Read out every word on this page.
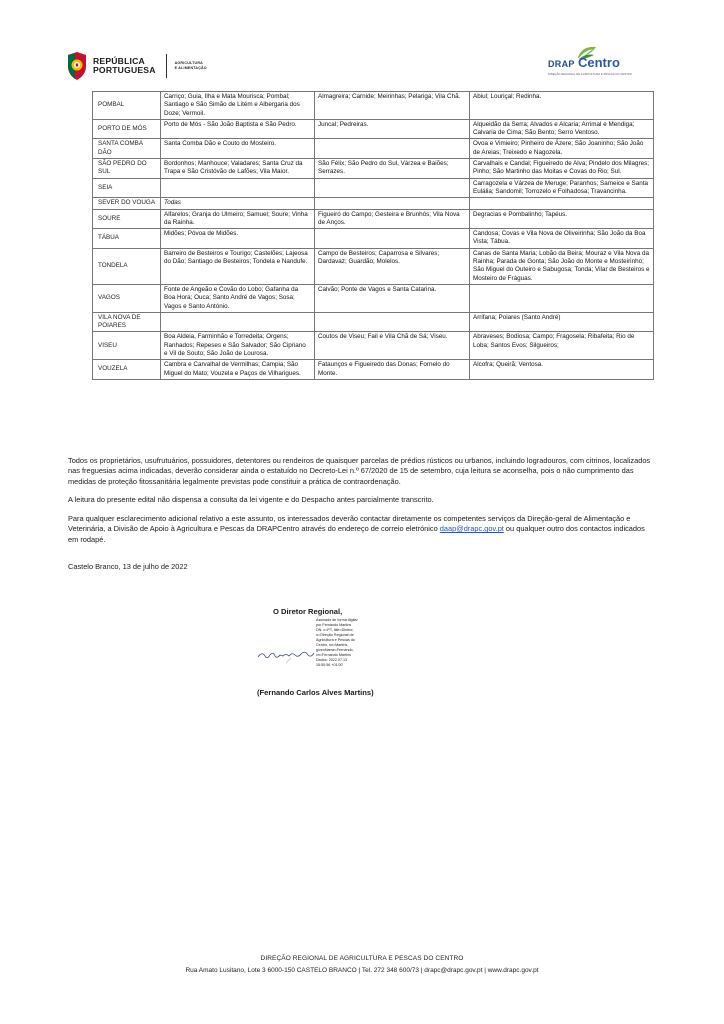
REPÚBLICA
PORTUGUESA
AGRICULTURA
E ALIMENTAÇÃO	DRAP Centro
DIREÇÃO REGIONAL DE AGRICULTURA E PESCAS DO CENTRO
POMBAL	Carriço; Guia, Ilha e Mata Mourisca; Pombal; Santiago e São Simão de Litém e Albergaria dos Doze; Vermoil.	Almagreira; Carnide; Meirinhas; Pelariga; Vila Chã.	Abiul; Louriçal; Redinha.
PORTO DE MÓS	Porto de Mós - São João Baptista e São Pedro.	Juncal; Pedreiras.	Alqueidão da Serra; Alvados e Alcaria; Arrimal e Mendiga; Calvaria de Cima; São Bento; Serro Ventoso.
SANTA COMBA DÃO	Santa Comba Dão e Couto do Mosteiro.		Ovoa e Vimieiro; Pinheiro de Ázere; São Joaninho; São João de Areias; Treixedo e Nagozela.
SÃO PEDRO DO SUL	Bordonhos; Manhouce; Valadares; Santa Cruz da Trapa e São Cristóvão de Lafões; Vila Maior.	São Félix; São Pedro do Sul, Várzea e Baiões; Serrazes.	Carvalhais e Candal; Figueiredo de Alva; Pindelo dos Milagres; Pinho; São Martinho das Moitas e Covas do Rio; Sul.
SEIA			Carragozela e Várzea de Meruge; Paranhos; Sameice e Santa Eulália; Sandomil; Torrozelo e Folhadosa; Travancinha.
SEVER DO VOUGA	Todas		
SOURE	Alfarelos; Granja do Ulmeiro; Samuel; Soure; Vinha da Rainha.	Figueiró do Campo; Gesteira e Brunhós; Vila Nova de Anços.	Degracias e Pombalinho; Tapéus.
TÁBUA	Midões; Póvoa de Midões.		Candosa; Covas e Vila Nova de Oliveirinha; São João da Boa Vista; Tábua.
TONDELA	Barreiro de Besteiros e Tourigo; Castelões; Lajeosa do Dão; Santiago de Besteiros; Tondela e Nandufe.	Campo de Besteiros; Caparrosa e Silvares; Dardavaz; Guardão; Molelos.	Canas de Santa Maria; Lobão da Beira; Mouraz e Vila Nova da Rainha; Parada de Gonta; São João do Monte e Mosteirinho; São Miguel do Outeiro e Sabugosa; Tonda; Vilar de Besteiros e Mosteiro de Fráguas.
VAGOS	Fonte de Angeão e Covão do Lobo; Gafanha da Boa Hora; Ouca; Santo André de Vagos; Sosa; Vagos e Santo António.	Calvão; Ponte de Vagos e Santa Catarina.	
VILA NOVA DE POIARES			Arrifana; Poiares (Santo André)
VISEU	Boa Aldeia, Farminhão e Torredeita; Orgens; Ranhados; Repeses e São Salvador; São Cipriano e Vil de Souto; São João de Lourosa.	Coutos de Viseu; Fail e Vila Chã de Sá; Viseu.	Abraveses; Bodiosa; Campo; Fragosela; Ribafeita; Rio de Loba; Santos Evos; Silgueiros;
VOUZELA	Cambra e Carvalhal de Vermilhas; Campia; São Miguel do Mato; Vouzela e Paços de Vilharigues.	Fataunços e Figueiredo das Donas; Fornelo do Monte.	Alcofra; Queirã; Ventosa.

Todos os proprietários, usufrutuários, possuidores, detentores ou rendeiros de quaisquer parcelas de prédios rústicos ou urbanos, incluindo logradouros, com citrinos, localizados nas freguesias acima indicadas, deverão considerar ainda o estatuído no Decreto-Lei n.º 67/2020 de 15 de setembro, cuja leitura se aconselha, pois o não cumprimento das medidas de proteção fitossanitária legalmente previstas pode constituir a prática de contraordenação.

A leitura do presente edital não dispensa a consulta da lei vigente e do Despacho antes parcialmente transcrito.

Para qualquer esclarecimento adicional relativo a este assunto, os interessados deverão contactar diretamente os competentes serviços da Direção-geral de Alimentação e Veterinária, a Divisão de Apoio à Agricultura e Pescas da DRAPCentro através do endereço de correio eletrónico daap@drapc.gov.pt ou qualquer outro dos contactos indicados em rodapé.

Castelo Branco, 13 de julho de 2022
O Diretor Regional,
Assinado de forma digital
por Fernando Martins
DN: c=PT, title=Diretor,
o=Direção Regional de
Agricultura e Pescas do
Centro, sn=Martins,
givenName=Fernando,
cn=Fernando Martins
Dados: 2022.07.13
15:50:56 +01'00'
(Fernando Carlos Alves Martins)
DIREÇÃO REGIONAL DE AGRICULTURA E PESCAS DO CENTRO
Rua Amato Lusitano, Lote 3 6000-150 CASTELO BRANCO | Tel. 272 348 600/73 | drapc@drapc.gov.pt | www.drapc.gov.pt
